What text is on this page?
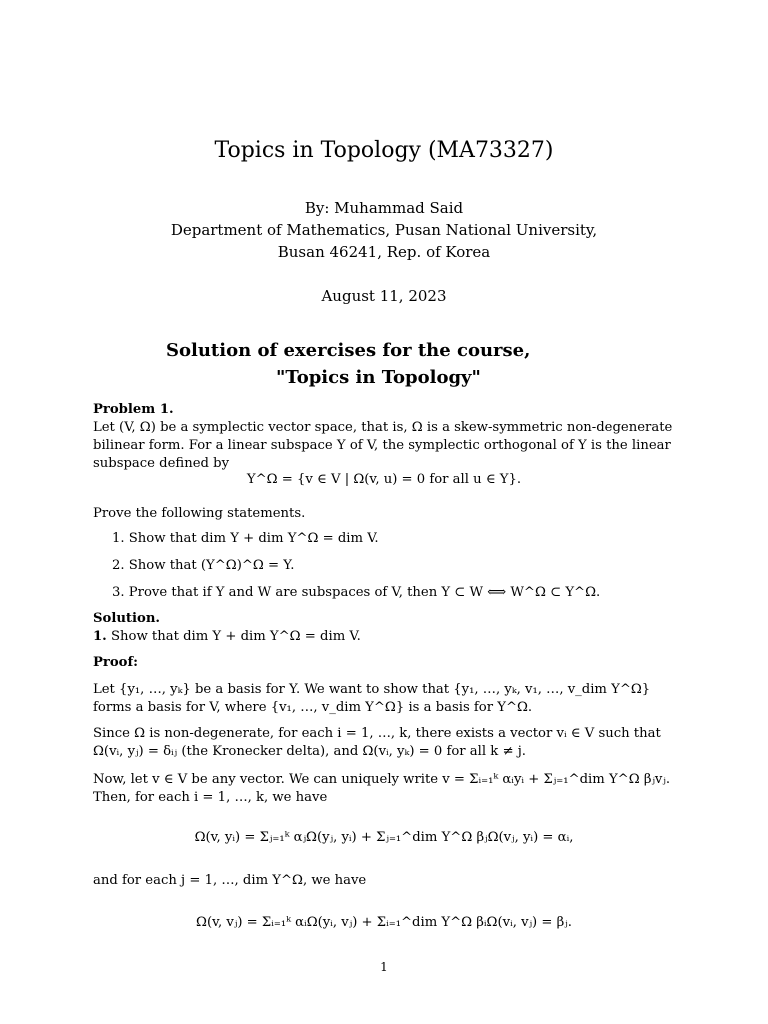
Topics in Topology (MA73327)
By: Muhammad Said
Department of Mathematics, Pusan National University,
Busan 46241, Rep. of Korea
August 11, 2023
Solution of exercises for the course,
"Topics in Topology"
Problem 1.
Let (V, Ω) be a symplectic vector space, that is, Ω is a skew-symmetric non-degenerate bilinear form. For a linear subspace Y of V, the symplectic orthogonal of Y is the linear subspace defined by
Y^Ω = {v ∈ V | Ω(v, u) = 0 for all u ∈ Y}.
Prove the following statements.
1. Show that dim Y + dim Y^Ω = dim V.
2. Show that (Y^Ω)^Ω = Y.
3. Prove that if Y and W are subspaces of V, then Y ⊂ W ⟺ W^Ω ⊂ Y^Ω.
Solution.
1. Show that dim Y + dim Y^Ω = dim V.
Proof:
Let {y₁, …, yₖ} be a basis for Y. We want to show that {y₁, …, yₖ, v₁, …, v_dim Y^Ω} forms a basis for V, where {v₁, …, v_dim Y^Ω} is a basis for Y^Ω.
Since Ω is non-degenerate, for each i = 1, …, k, there exists a vector vᵢ ∈ V such that Ω(vᵢ, yⱼ) = δᵢⱼ (the Kronecker delta), and Ω(vᵢ, yₖ) = 0 for all k ≠ j.
Now, let v ∈ V be any vector. We can uniquely write v = Σᵢ₌₁ᵏ αᵢyᵢ + Σⱼ₌₁^dim Y^Ω βⱼvⱼ. Then, for each i = 1, …, k, we have
Ω(v, yᵢ) = Σⱼ₌₁ᵏ αⱼΩ(yⱼ, yᵢ) + Σⱼ₌₁^dim Y^Ω βⱼΩ(vⱼ, yᵢ) = αᵢ,
and for each j = 1, …, dim Y^Ω, we have
Ω(v, vⱼ) = Σᵢ₌₁ᵏ αᵢΩ(yᵢ, vⱼ) + Σᵢ₌₁^dim Y^Ω βᵢΩ(vᵢ, vⱼ) = βⱼ.
1
